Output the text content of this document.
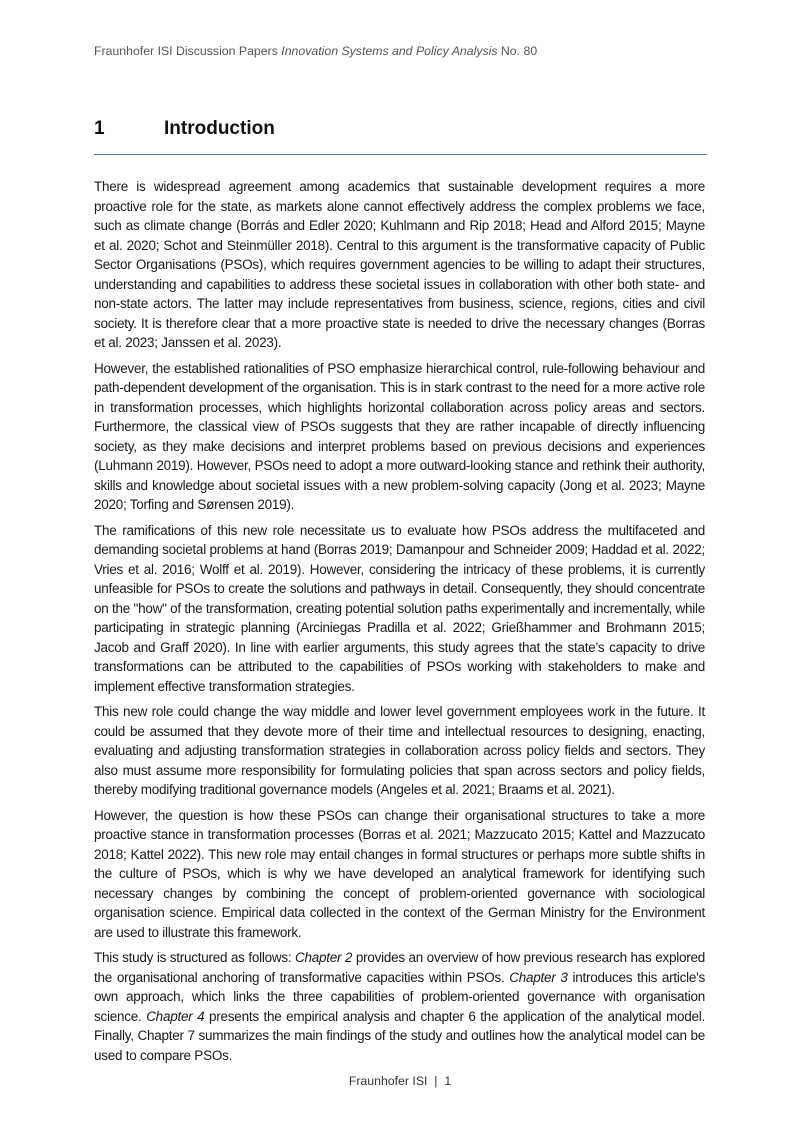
Fraunhofer ISI Discussion Papers Innovation Systems and Policy Analysis No. 80
1	Introduction

There is widespread agreement among academics that sustainable development requires a more proactive role for the state, as markets alone cannot effectively address the complex problems we face, such as climate change (Borrás and Edler 2020; Kuhlmann and Rip 2018; Head and Alford 2015; Mayne et al. 2020; Schot and Steinmüller 2018). Central to this argument is the transformative capacity of Public Sector Organisations (PSOs), which requires government agencies to be willing to adapt their structures, understanding and capabilities to address these societal issues in collaboration with other both state- and non-state actors. The latter may include representatives from business, science, regions, cities and civil society. It is therefore clear that a more proactive state is needed to drive the necessary changes (Borras et al. 2023; Janssen et al. 2023).

However, the established rationalities of PSO emphasize hierarchical control, rule-following behaviour and path-dependent development of the organisation. This is in stark contrast to the need for a more active role in transformation processes, which highlights horizontal collaboration across policy areas and sectors. Furthermore, the classical view of PSOs suggests that they are rather incapable of directly influencing society, as they make decisions and interpret problems based on previous decisions and experiences (Luhmann 2019). However, PSOs need to adopt a more outward-looking stance and rethink their authority, skills and knowledge about societal issues with a new problem-solving capacity (Jong et al. 2023; Mayne 2020; Torfing and Sørensen 2019).

The ramifications of this new role necessitate us to evaluate how PSOs address the multifaceted and demanding societal problems at hand (Borras 2019; Damanpour and Schneider 2009; Haddad et al. 2022; Vries et al. 2016; Wolff et al. 2019). However, considering the intricacy of these problems, it is currently unfeasible for PSOs to create the solutions and pathways in detail. Consequently, they should concentrate on the "how" of the transformation, creating potential solution paths experimentally and incrementally, while participating in strategic planning (Arciniegas Pradilla et al. 2022; Grießhammer and Brohmann 2015; Jacob and Graff 2020). In line with earlier arguments, this study agrees that the state's capacity to drive transformations can be attributed to the capabilities of PSOs working with stakeholders to make and implement effective transformation strategies.

This new role could change the way middle and lower level government employees work in the future. It could be assumed that they devote more of their time and intellectual resources to designing, enacting, evaluating and adjusting transformation strategies in collaboration across policy fields and sectors. They also must assume more responsibility for formulating policies that span across sectors and policy fields, thereby modifying traditional governance models (Angeles et al. 2021; Braams et al. 2021).

However, the question is how these PSOs can change their organisational structures to take a more proactive stance in transformation processes (Borras et al. 2021; Mazzucato 2015; Kattel and Mazzucato 2018; Kattel 2022). This new role may entail changes in formal structures or perhaps more subtle shifts in the culture of PSOs, which is why we have developed an analytical framework for identifying such necessary changes by combining the concept of problem-oriented governance with sociological organisation science. Empirical data collected in the context of the German Ministry for the Environment are used to illustrate this framework.

This study is structured as follows: Chapter 2 provides an overview of how previous research has explored the organisational anchoring of transformative capacities within PSOs. Chapter 3 introduces this article's own approach, which links the three capabilities of problem-oriented governance with organisation science. Chapter 4 presents the empirical analysis and chapter 6 the application of the analytical model. Finally, Chapter 7 summarizes the main findings of the study and outlines how the analytical model can be used to compare PSOs.

Fraunhofer ISI | 1
